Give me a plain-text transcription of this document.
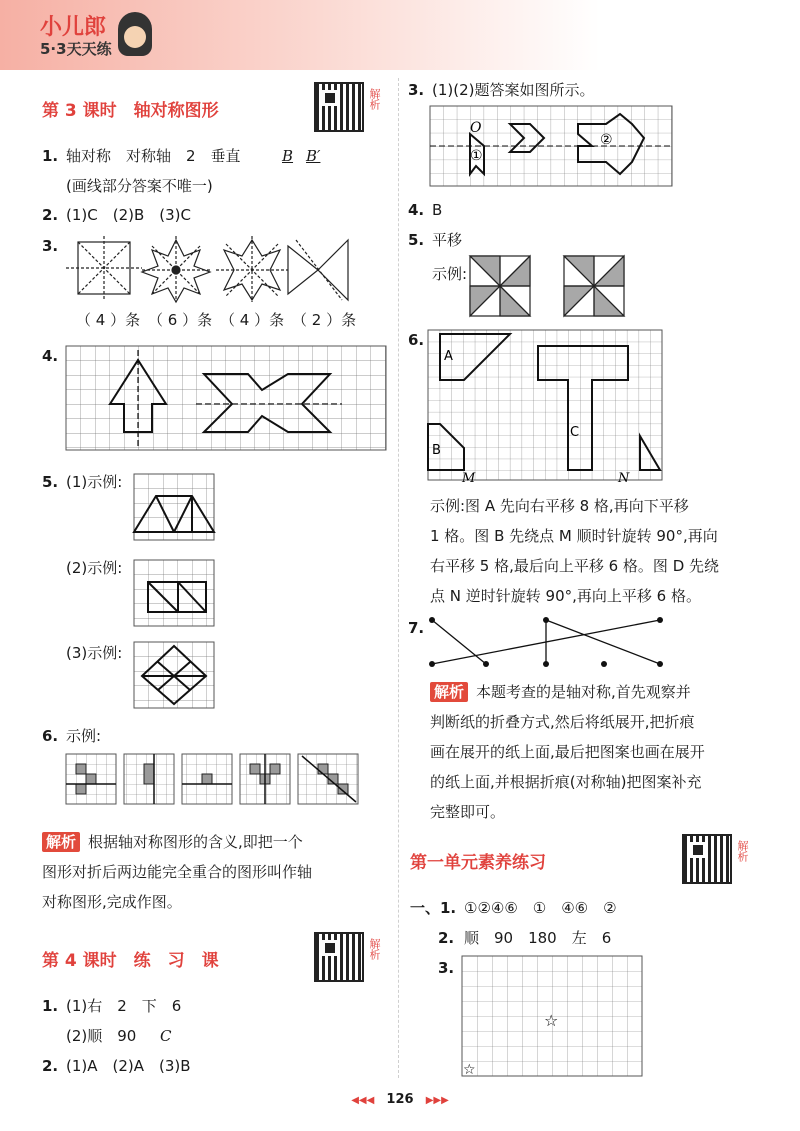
小儿郎
5·3天天练
第 3 课时　轴对称图形
解析
1. 轴对称　对称轴　2　垂直	B B′
(画线部分答案不唯一)
2. (1)C　(2)B　(3)C
3.
（ 4 ）条 （ 6 ）条 （ 4 ）条 （ 2 ）条
4.
5. (1)示例:
(2)示例:
(3)示例:
6. 示例:
解析 根据轴对称图形的含义,即把一个
图形对折后两边能完全重合的图形叫作轴
对称图形,完成作图。
第 4 课时　练　习　课
解析
1. (1)右　2　下　6
(2)顺　90 C
2. (1)A　(2)A　(3)B
3. (1)(2)题答案如图所示。
O
①
②
4. B
5. 平移
示例:
6.
A
B
C
M	N
示例:图 A 先向右平移 8 格,再向下平移
1 格。图 B 先绕点 M 顺时针旋转 90°,再向
右平移 5 格,最后向上平移 6 格。图 D 先绕
点 N 逆时针旋转 90°,再向上平移 6 格。
7.
解析 本题考查的是轴对称,首先观察并
判断纸的折叠方式,然后将纸展开,把折痕
画在展开的纸上面,最后把图案也画在展开
的纸上面,并根据折痕(对称轴)把图案补充
完整即可。
第一单元素养练习
解析
一、1. ①②④⑥　①　④⑥　②
2. 顺　90　180　左　6
3.
☆
☆
◀◀◀ 126 ▶▶▶
